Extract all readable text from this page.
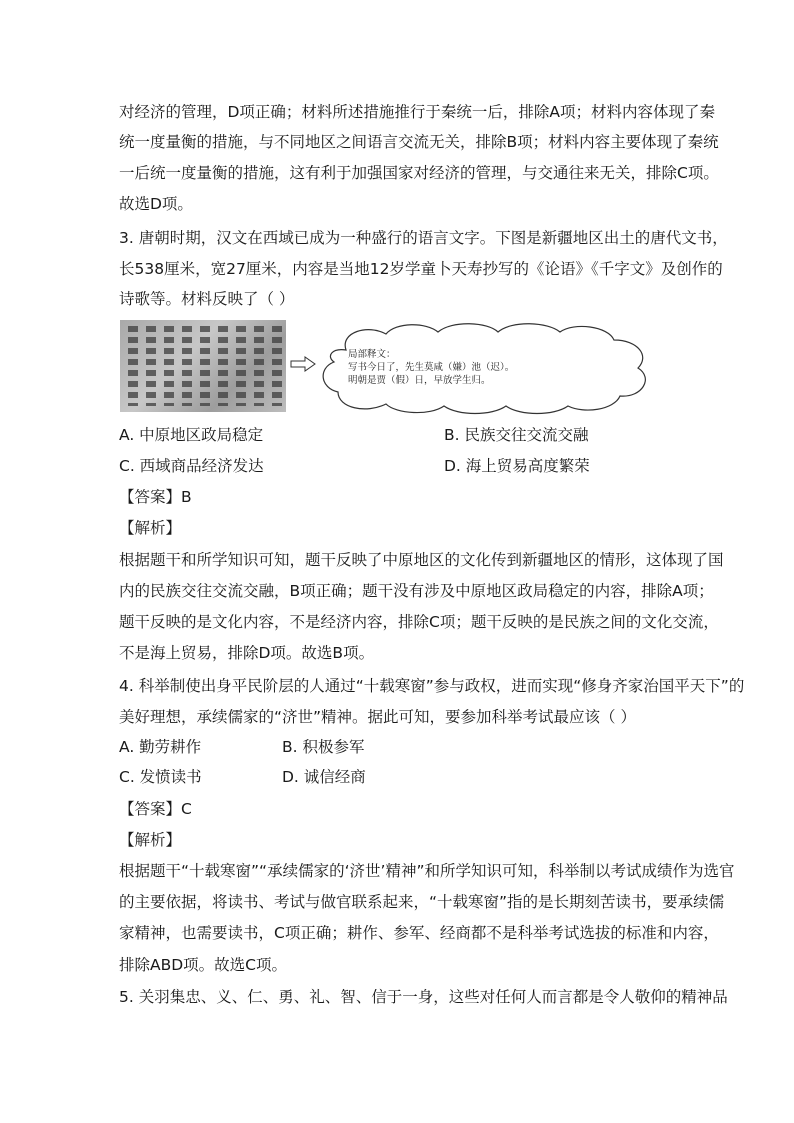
对经济的管理，D项正确；材料所述措施推行于秦统一后，排除A项；材料内容体现了秦
统一度量衡的措施，与不同地区之间语言交流无关，排除B项；材料内容主要体现了秦统
一后统一度量衡的措施，这有利于加强国家对经济的管理，与交通往来无关，排除C项。
故选D项。
3. 唐朝时期，汉文在西域已成为一种盛行的语言文字。下图是新疆地区出土的唐代文书，
长538厘米，宽27厘米，内容是当地12岁学童卜天寿抄写的《论语》《千字文》及创作的
诗歌等。材料反映了（ ）
局部释文：
写书今日了，先生莫咸（嫌）池（迟）。
明朝是贾（假）日，早放学生归。
A. 中原地区政局稳定	B. 民族交往交流交融
C. 西域商品经济发达	D. 海上贸易高度繁荣
【答案】B
【解析】
根据题干和所学知识可知，题干反映了中原地区的文化传到新疆地区的情形，这体现了国
内的民族交往交流交融，B项正确；题干没有涉及中原地区政局稳定的内容，排除A项；
题干反映的是文化内容，不是经济内容，排除C项；题干反映的是民族之间的文化交流，
不是海上贸易，排除D项。故选B项。
4. 科举制使出身平民阶层的人通过“十载寒窗”参与政权，进而实现“修身齐家治国平天下”的
美好理想，承续儒家的“济世”精神。据此可知，要参加科举考试最应该（ ）
A. 勤劳耕作	B. 积极参军
C. 发愤读书	D. 诚信经商
【答案】C
【解析】
根据题干“十载寒窗”“承续儒家的‘济世’精神”和所学知识可知，科举制以考试成绩作为选官
的主要依据，将读书、考试与做官联系起来，“十载寒窗”指的是长期刻苦读书，要承续儒
家精神，也需要读书，C项正确；耕作、参军、经商都不是科举考试选拔的标准和内容，
排除ABD项。故选C项。
5. 关羽集忠、义、仁、勇、礼、智、信于一身，这些对任何人而言都是令人敬仰的精神品
